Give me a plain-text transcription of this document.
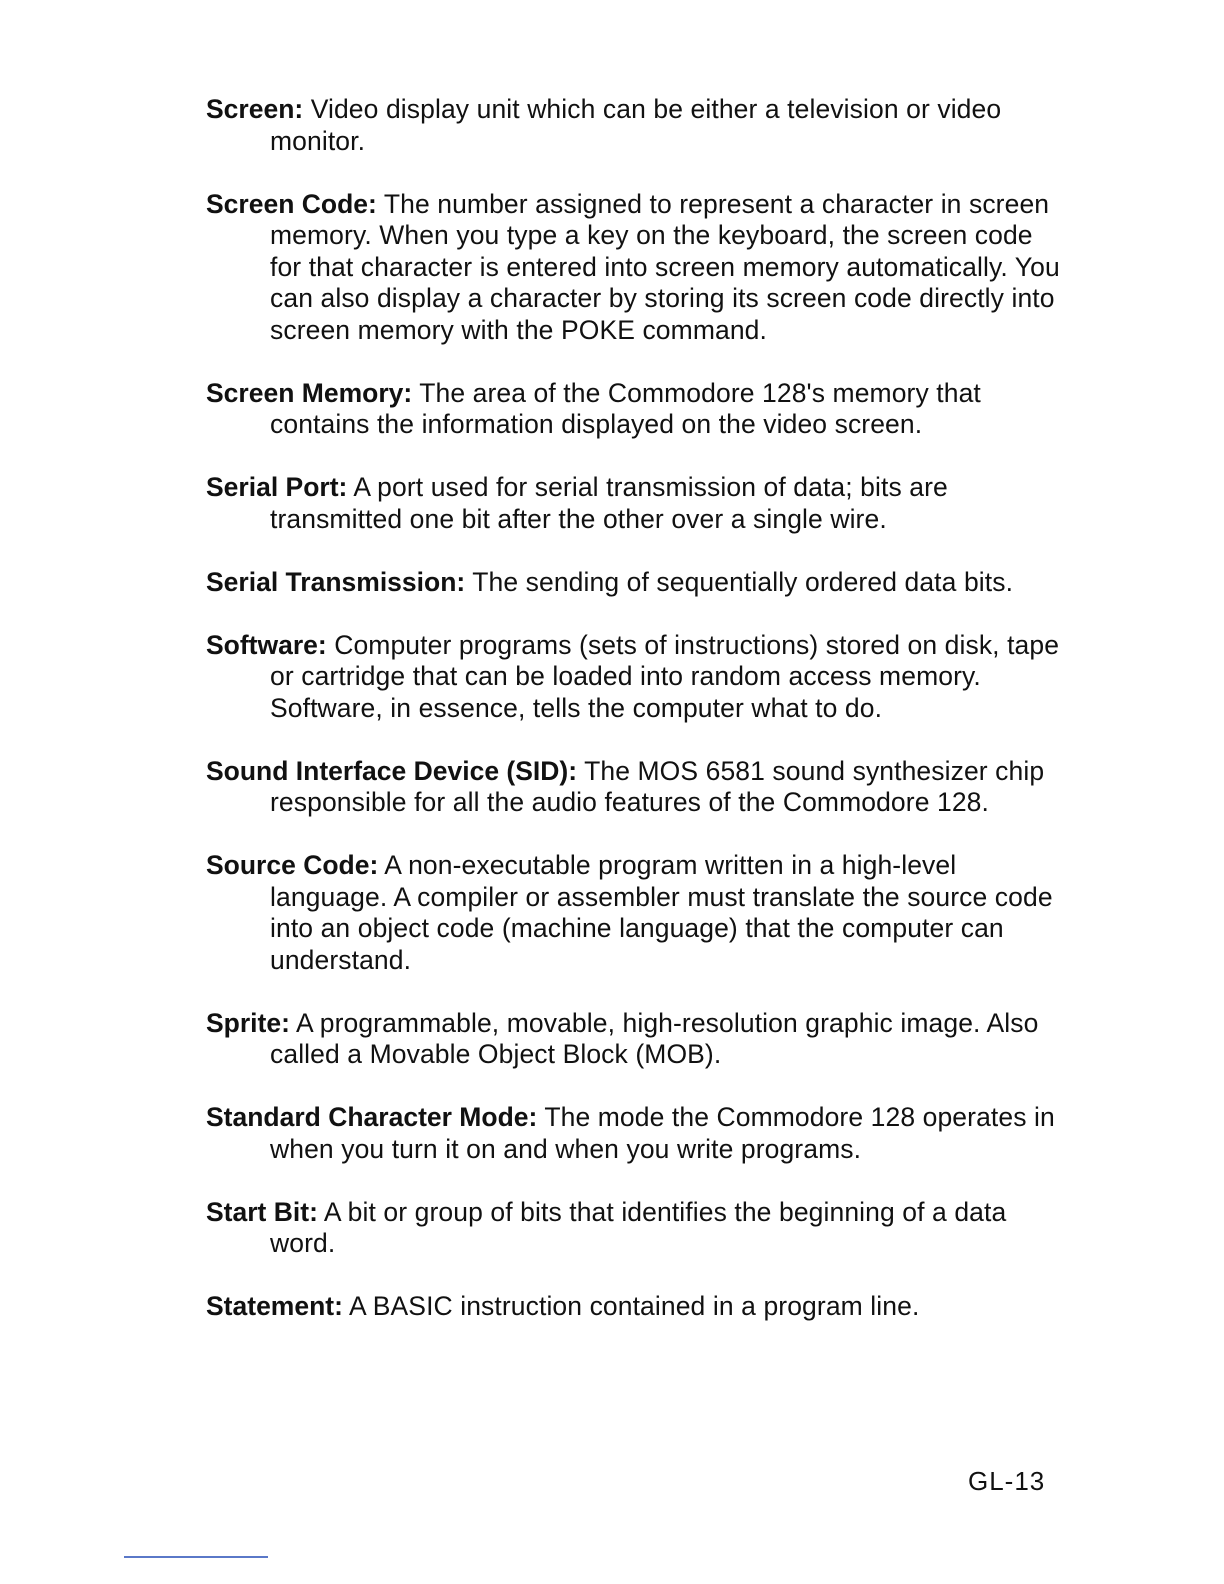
Screen: Video display unit which can be either a television or video monitor.

Screen Code: The number assigned to represent a character in screen memory. When you type a key on the keyboard, the screen code for that character is entered into screen memory automatically. You can also display a character by storing its screen code directly into screen memory with the POKE command.

Screen Memory: The area of the Commodore 128's memory that contains the information displayed on the video screen.

Serial Port: A port used for serial transmission of data; bits are transmitted one bit after the other over a single wire.

Serial Transmission: The sending of sequentially ordered data bits.

Software: Computer programs (sets of instructions) stored on disk, tape or cartridge that can be loaded into random access memory. Software, in essence, tells the computer what to do.

Sound Interface Device (SID): The MOS 6581 sound synthesizer chip responsible for all the audio features of the Commodore 128.

Source Code: A non-executable program written in a high-level language. A compiler or assembler must translate the source code into an object code (machine language) that the computer can understand.

Sprite: A programmable, movable, high-resolution graphic image. Also called a Movable Object Block (MOB).

Standard Character Mode: The mode the Commodore 128 operates in when you turn it on and when you write programs.

Start Bit: A bit or group of bits that identifies the beginning of a data word.

Statement: A BASIC instruction contained in a program line.

GL-13
